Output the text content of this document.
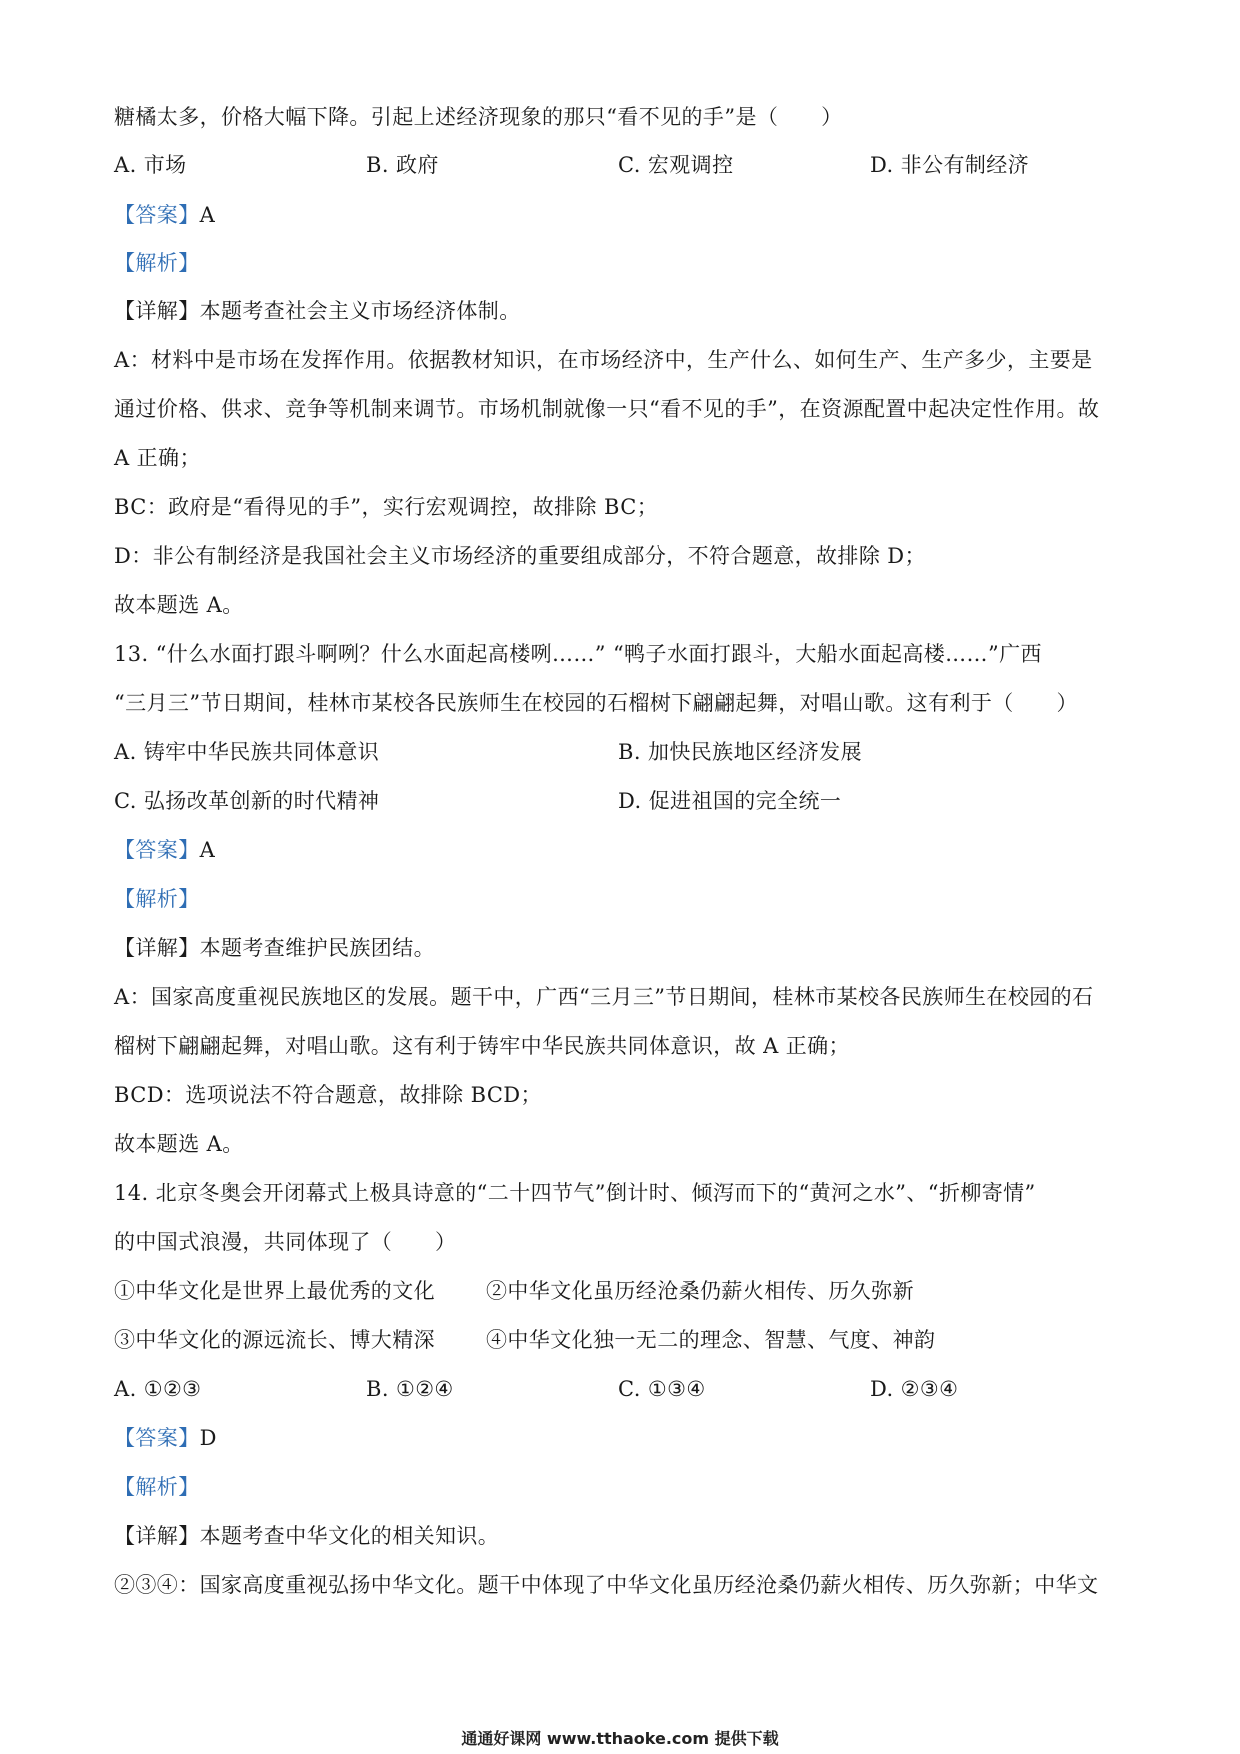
糖橘太多，价格大幅下降。引起上述经济现象的那只“看不见的手”是（　　）
A. 市场	B. 政府	C. 宏观调控	D. 非公有制经济
【答案】A
【解析】
【详解】本题考查社会主义市场经济体制。
A：材料中是市场在发挥作用。依据教材知识，在市场经济中，生产什么、如何生产、生产多少，主要是
通过价格、供求、竞争等机制来调节。市场机制就像一只“看不见的手”，在资源配置中起决定性作用。故
A 正确；
BC：政府是“看得见的手”，实行宏观调控，故排除 BC；
D：非公有制经济是我国社会主义市场经济的重要组成部分，不符合题意，故排除 D；
故本题选 A。
13. “什么水面打跟斗啊咧？什么水面起高楼咧……” “鸭子水面打跟斗，大船水面起高楼……”广西
“三月三”节日期间，桂林市某校各民族师生在校园的石榴树下翩翩起舞，对唱山歌。这有利于（　　）
A. 铸牢中华民族共同体意识	B. 加快民族地区经济发展
C. 弘扬改革创新的时代精神	D. 促进祖国的完全统一
【答案】A
【解析】
【详解】本题考查维护民族团结。
A：国家高度重视民族地区的发展。题干中，广西“三月三”节日期间，桂林市某校各民族师生在校园的石
榴树下翩翩起舞，对唱山歌。这有利于铸牢中华民族共同体意识，故 A 正确；
BCD：选项说法不符合题意，故排除 BCD；
故本题选 A。
14. 北京冬奥会开闭幕式上极具诗意的“二十四节气”倒计时、倾泻而下的“黄河之水”、“折柳寄情”
的中国式浪漫，共同体现了（　　）
①中华文化是世界上最优秀的文化 ②中华文化虽历经沧桑仍薪火相传、历久弥新
③中华文化的源远流长、博大精深 ④中华文化独一无二的理念、智慧、气度、神韵
A. ①②③	B. ①②④	C. ①③④	D. ②③④
【答案】D
【解析】
【详解】本题考查中华文化的相关知识。
②③④：国家高度重视弘扬中华文化。题干中体现了中华文化虽历经沧桑仍薪火相传、历久弥新；中华文
通通好课网 www.tthaoke.com 提供下载
